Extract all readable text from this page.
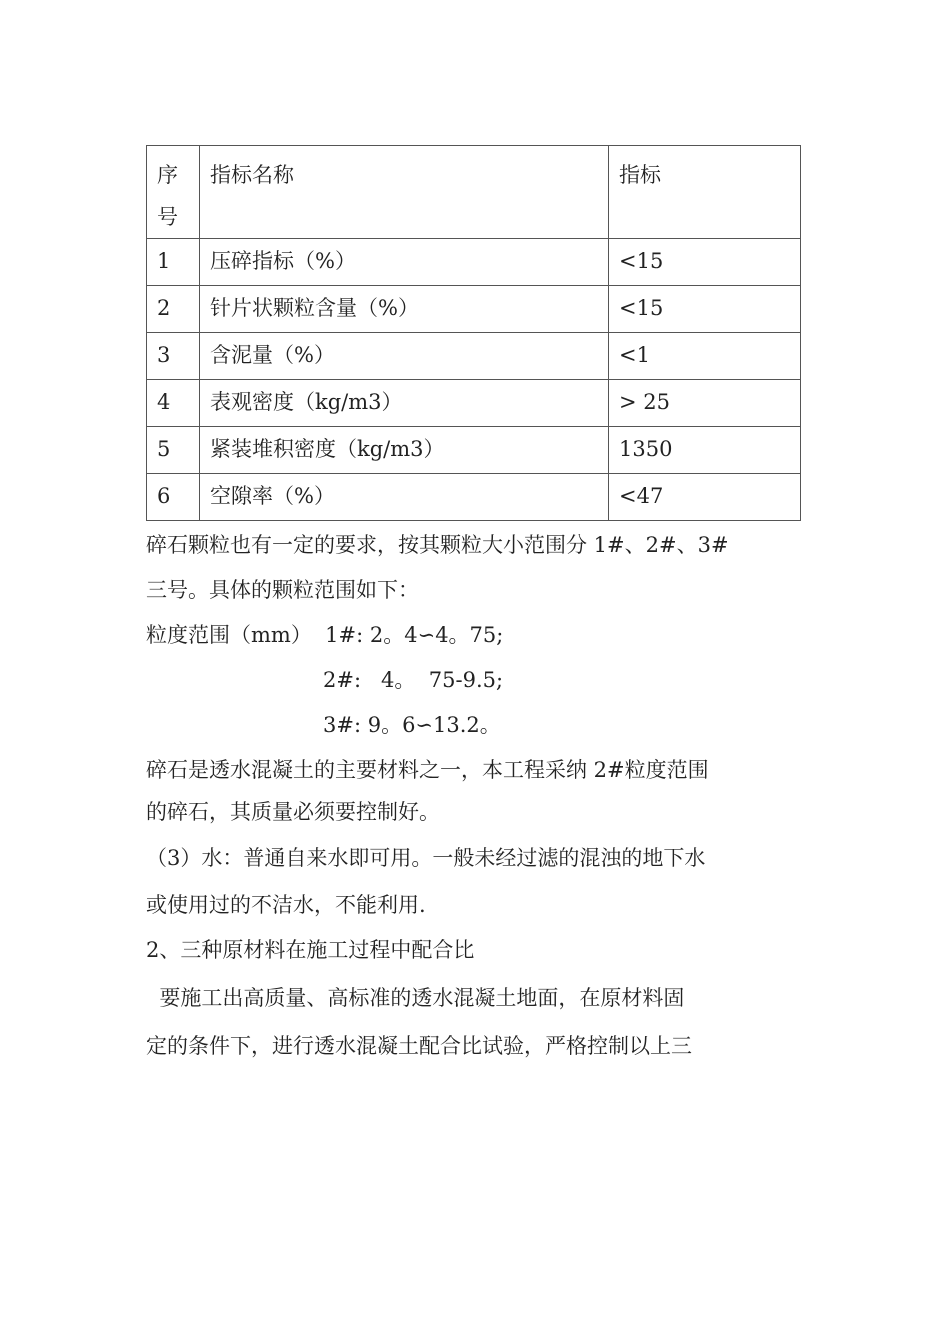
序号	指标名称	指标
1	压碎指标（%）	<15
2	针片状颗粒含量（%）	<15
3	含泥量（%）	<1
4	表观密度（kg/m3）	> 25
5	紧装堆积密度（kg/m3）	1350
6	空隙率（%）	<47
碎石颗粒也有一定的要求，按其颗粒大小范围分 1#、2#、3#
三号。具体的颗粒范围如下：
粒度范围（mm）  1#: 2。4∽4。75;
2#:   4。  75-9.5;
3#: 9。6∽13.2。
碎石是透水混凝土的主要材料之一，本工程采纳 2#粒度范围
的碎石，其质量必须要控制好。
（3）水：普通自来水即可用。一般未经过滤的混浊的地下水
或使用过的不洁水，不能利用.
2、三种原材料在施工过程中配合比
要施工出高质量、高标准的透水混凝土地面，在原材料固
定的条件下，进行透水混凝土配合比试验，严格控制以上三
